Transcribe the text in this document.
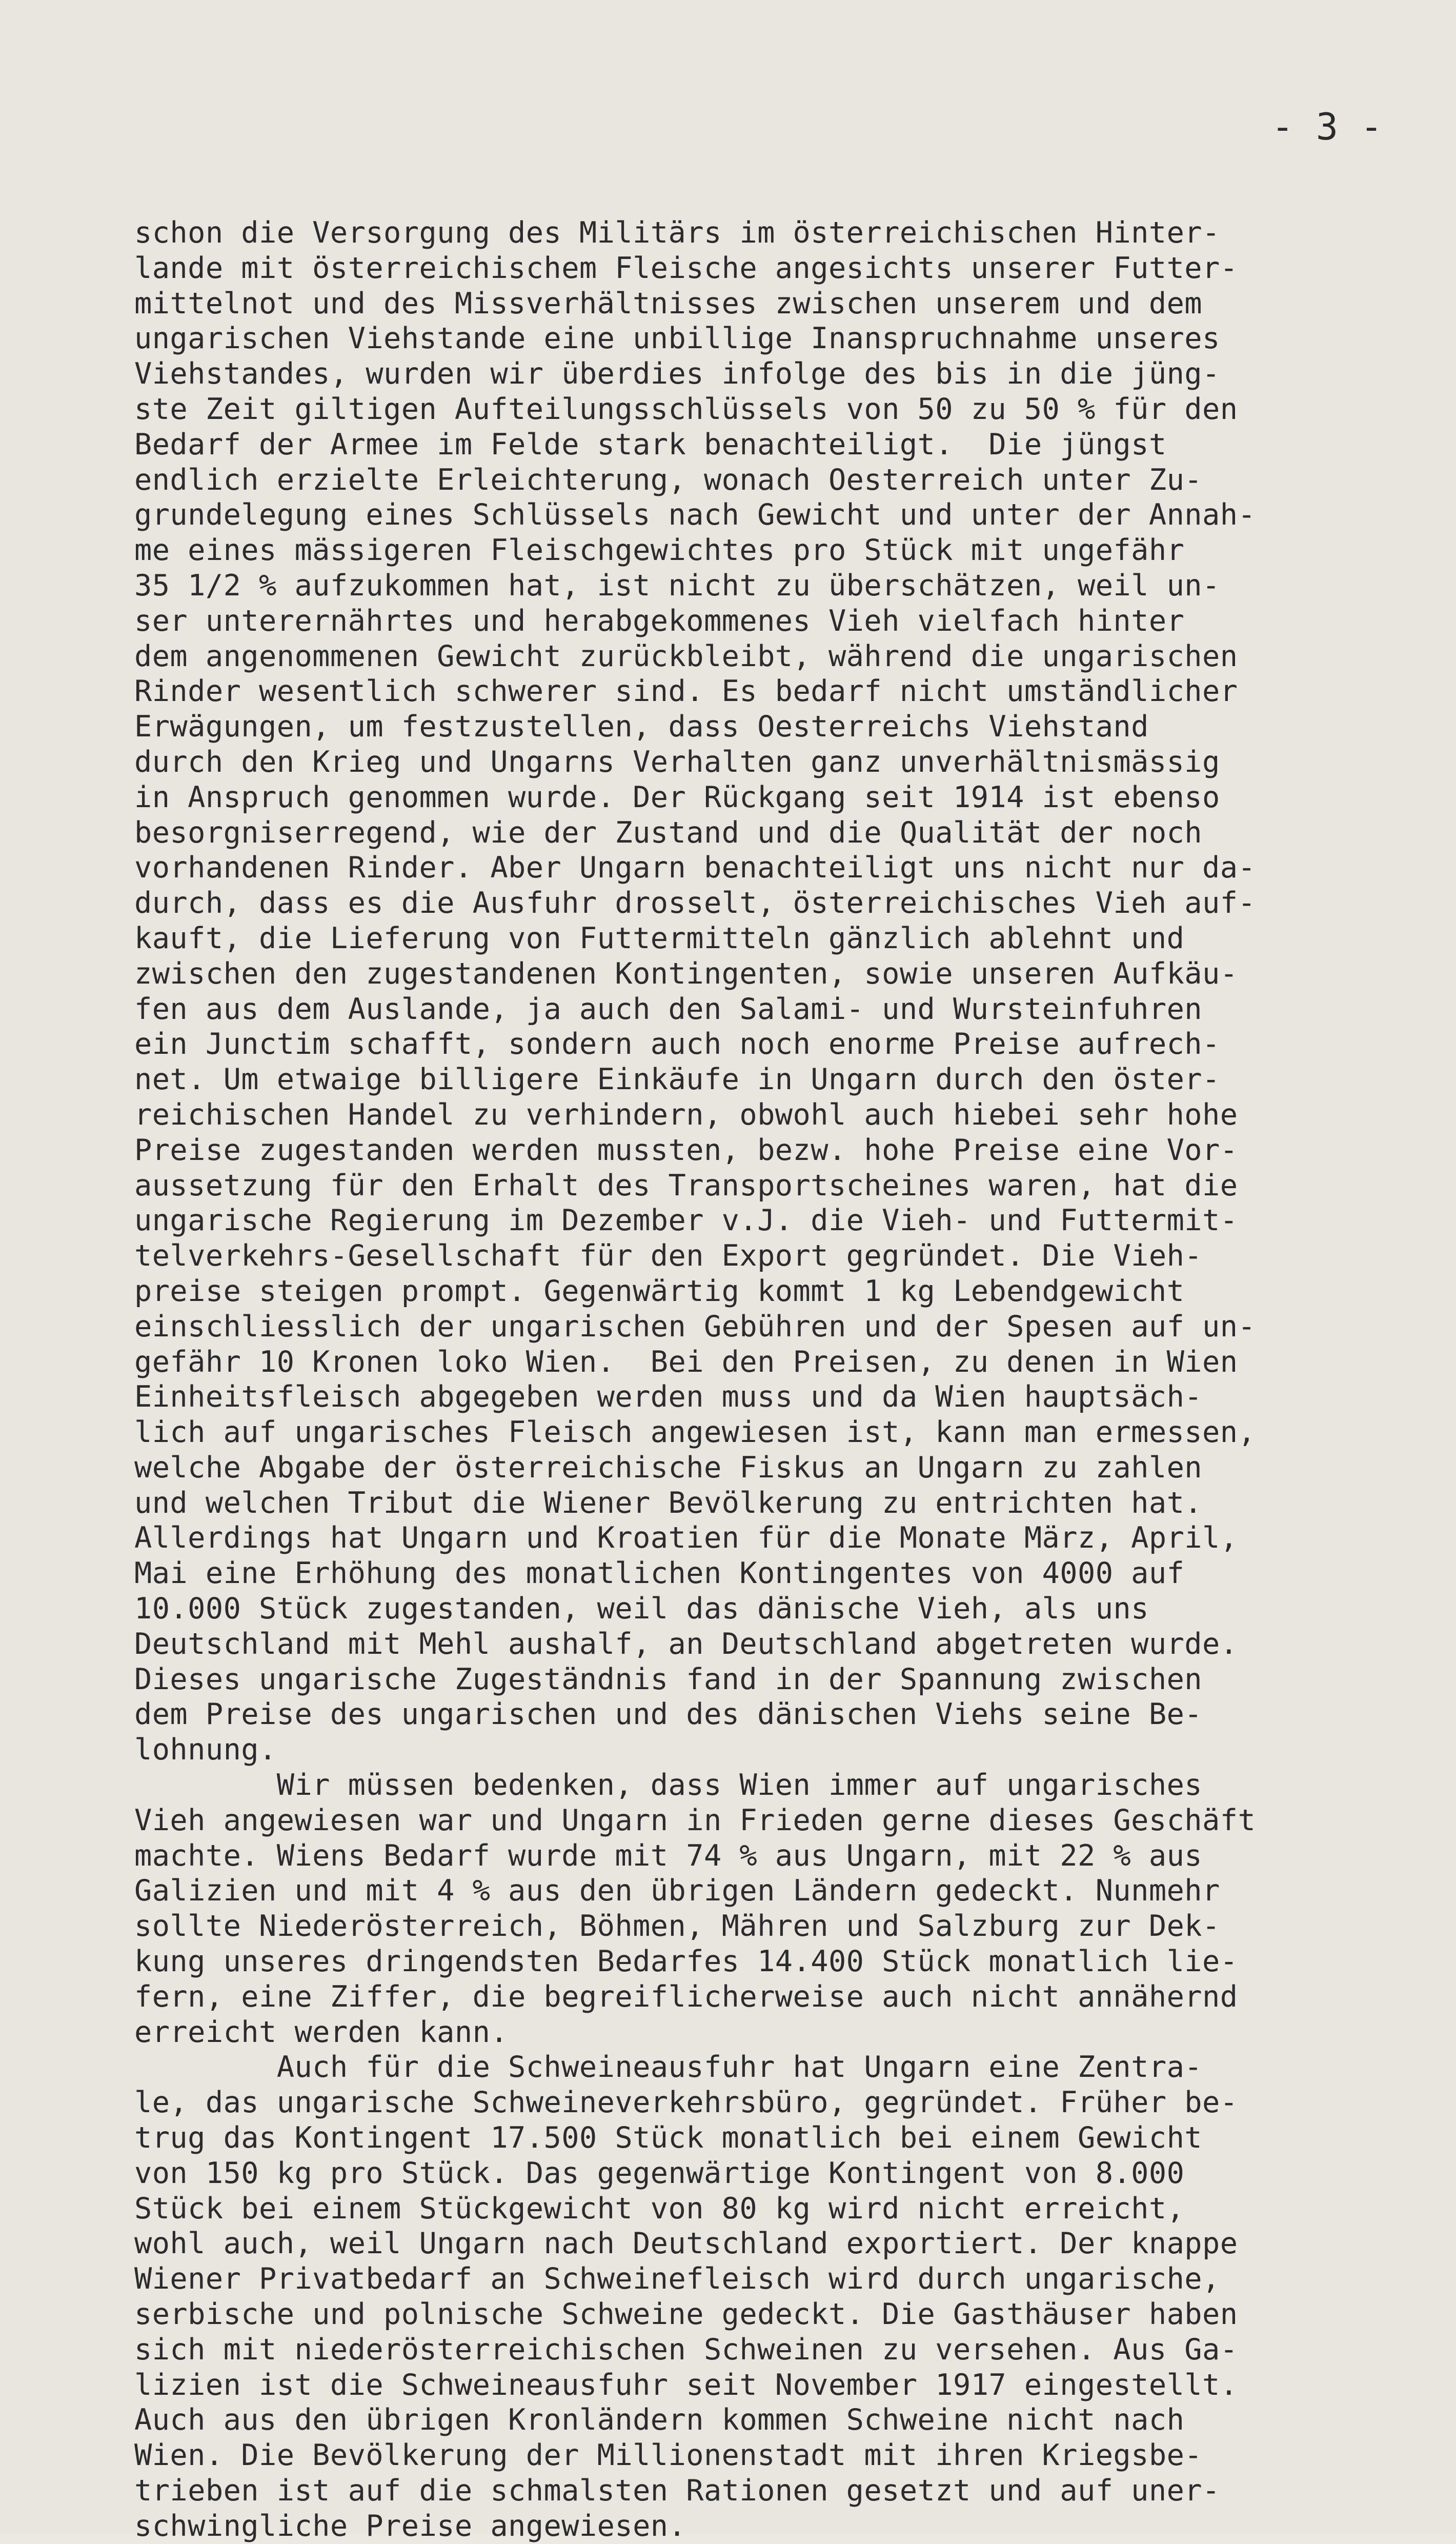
- 3 -
schon die Versorgung des Militärs im österreichischen Hinter-
lande mit österreichischem Fleische angesichts unserer Futter-
mittelnot und des Missverhältnisses zwischen unserem und dem
ungarischen Viehstande eine unbillige Inanspruchnahme unseres
Viehstandes, wurden wir überdies infolge des bis in die jüng-
ste Zeit giltigen Aufteilungsschlüssels von 50 zu 50 % für den
Bedarf der Armee im Felde stark benachteiligt.  Die jüngst
endlich erzielte Erleichterung, wonach Oesterreich unter Zu-
grundelegung eines Schlüssels nach Gewicht und unter der Annah-
me eines mässigeren Fleischgewichtes pro Stück mit ungefähr
35 1/2 % aufzukommen hat, ist nicht zu überschätzen, weil un-
ser unterernährtes und herabgekommenes Vieh vielfach hinter
dem angenommenen Gewicht zurückbleibt, während die ungarischen
Rinder wesentlich schwerer sind. Es bedarf nicht umständlicher
Erwägungen, um festzustellen, dass Oesterreichs Viehstand
durch den Krieg und Ungarns Verhalten ganz unverhältnismässig
in Anspruch genommen wurde. Der Rückgang seit 1914 ist ebenso
besorgniserregend, wie der Zustand und die Qualität der noch
vorhandenen Rinder. Aber Ungarn benachteiligt uns nicht nur da-
durch, dass es die Ausfuhr drosselt, österreichisches Vieh auf-
kauft, die Lieferung von Futtermitteln gänzlich ablehnt und
zwischen den zugestandenen Kontingenten, sowie unseren Aufkäu-
fen aus dem Auslande, ja auch den Salami- und Wursteinfuhren
ein Junctim schafft, sondern auch noch enorme Preise aufrech-
net. Um etwaige billigere Einkäufe in Ungarn durch den öster-
reichischen Handel zu verhindern, obwohl auch hiebei sehr hohe
Preise zugestanden werden mussten, bezw. hohe Preise eine Vor-
aussetzung für den Erhalt des Transportscheines waren, hat die
ungarische Regierung im Dezember v.J. die Vieh- und Futtermit-
telverkehrs-Gesellschaft für den Export gegründet. Die Vieh-
preise steigen prompt. Gegenwärtig kommt 1 kg Lebendgewicht
einschliesslich der ungarischen Gebühren und der Spesen auf un-
gefähr 10 Kronen loko Wien.  Bei den Preisen, zu denen in Wien
Einheitsfleisch abgegeben werden muss und da Wien hauptsäch-
lich auf ungarisches Fleisch angewiesen ist, kann man ermessen,
welche Abgabe der österreichische Fiskus an Ungarn zu zahlen
und welchen Tribut die Wiener Bevölkerung zu entrichten hat.
Allerdings hat Ungarn und Kroatien für die Monate März, April,
Mai eine Erhöhung des monatlichen Kontingentes von 4000 auf
10.000 Stück zugestanden, weil das dänische Vieh, als uns
Deutschland mit Mehl aushalf, an Deutschland abgetreten wurde.
Dieses ungarische Zugeständnis fand in der Spannung zwischen
dem Preise des ungarischen und des dänischen Viehs seine Be-
lohnung.
Wir müssen bedenken, dass Wien immer auf ungarisches
Vieh angewiesen war und Ungarn in Frieden gerne dieses Geschäft
machte. Wiens Bedarf wurde mit 74 % aus Ungarn, mit 22 % aus
Galizien und mit 4 % aus den übrigen Ländern gedeckt. Nunmehr
sollte Niederösterreich, Böhmen, Mähren und Salzburg zur Dek-
kung unseres dringendsten Bedarfes 14.400 Stück monatlich lie-
fern, eine Ziffer, die begreiflicherweise auch nicht annähernd
erreicht werden kann.
Auch für die Schweineausfuhr hat Ungarn eine Zentra-
le, das ungarische Schweineverkehrsbüro, gegründet. Früher be-
trug das Kontingent 17.500 Stück monatlich bei einem Gewicht
von 150 kg pro Stück. Das gegenwärtige Kontingent von 8.000
Stück bei einem Stückgewicht von 80 kg wird nicht erreicht,
wohl auch, weil Ungarn nach Deutschland exportiert. Der knappe
Wiener Privatbedarf an Schweinefleisch wird durch ungarische,
serbische und polnische Schweine gedeckt. Die Gasthäuser haben
sich mit niederösterreichischen Schweinen zu versehen. Aus Ga-
lizien ist die Schweineausfuhr seit November 1917 eingestellt.
Auch aus den übrigen Kronländern kommen Schweine nicht nach
Wien. Die Bevölkerung der Millionenstadt mit ihren Kriegsbe-
trieben ist auf die schmalsten Rationen gesetzt und auf uner-
schwingliche Preise angewiesen.
